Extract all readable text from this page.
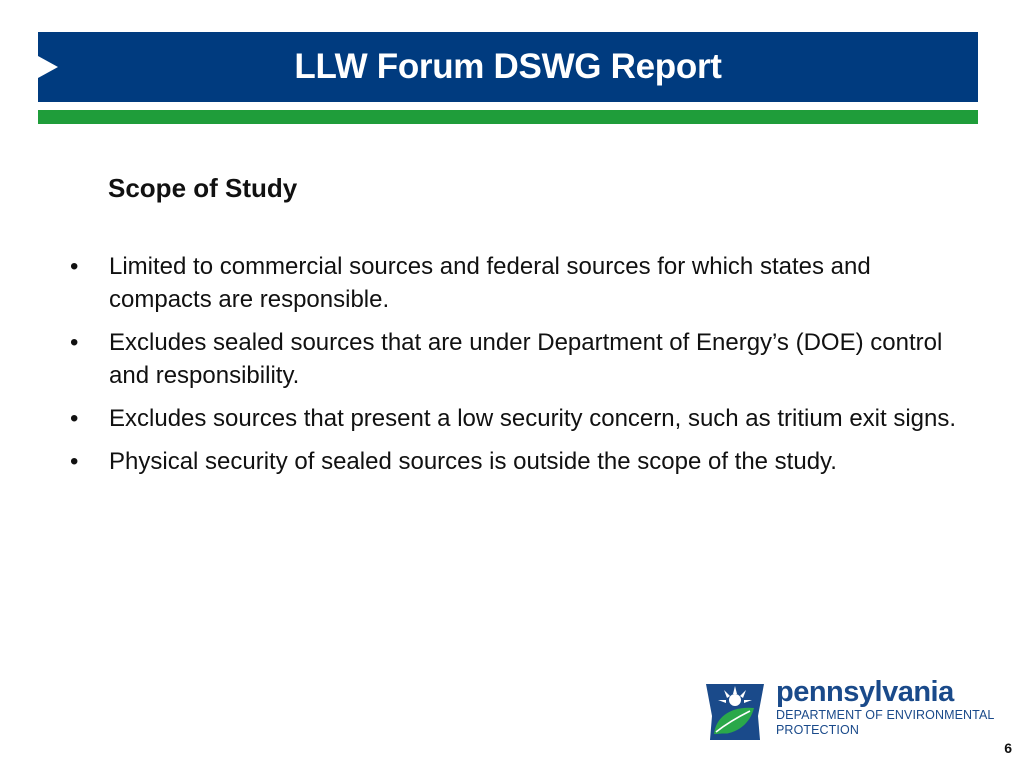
LLW Forum DSWG Report
Scope of Study
•	Limited to commercial sources and federal sources for which states and compacts are responsible.
•	Excludes sealed sources that are under Department of Energy’s (DOE) control and responsibility.
•	Excludes sources that present a low security concern, such as tritium exit signs.
•	Physical security of sealed sources is outside the scope of the study.
pennsylvania
DEPARTMENT OF ENVIRONMENTAL
PROTECTION
6
